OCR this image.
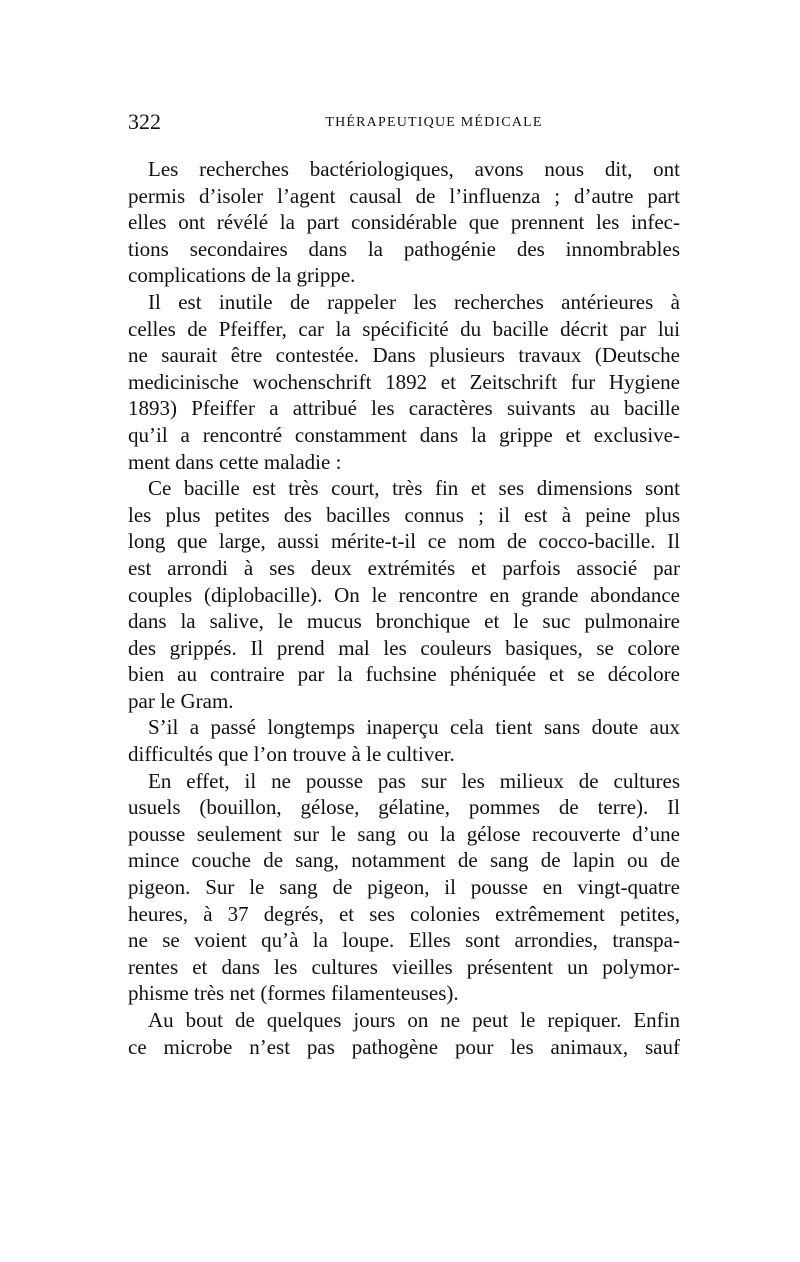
322	THÉRAPEUTIQUE MÉDICALE
Les recherches bactériologiques, avons nous dit, ont
permis d’isoler l’agent causal de l’influenza ; d’autre part
elles ont révélé la part considérable que prennent les infec-
tions secondaires dans la pathogénie des innombrables
complications de la grippe.
Il est inutile de rappeler les recherches antérieures à
celles de Pfeiffer, car la spécificité du bacille décrit par lui
ne saurait être contestée. Dans plusieurs travaux (Deutsche
medicinische wochenschrift 1892 et Zeitschrift fur Hygiene
1893) Pfeiffer a attribué les caractères suivants au bacille
qu’il a rencontré constamment dans la grippe et exclusive-
ment dans cette maladie :
Ce bacille est très court, très fin et ses dimensions sont
les plus petites des bacilles connus ; il est à peine plus
long que large, aussi mérite-t-il ce nom de cocco-bacille. Il
est arrondi à ses deux extrémités et parfois associé par
couples (diplobacille). On le rencontre en grande abondance
dans la salive, le mucus bronchique et le suc pulmonaire
des grippés. Il prend mal les couleurs basiques, se colore
bien au contraire par la fuchsine phéniquée et se décolore
par le Gram.
S’il a passé longtemps inaperçu cela tient sans doute aux
difficultés que l’on trouve à le cultiver.
En effet, il ne pousse pas sur les milieux de cultures
usuels (bouillon, gélose, gélatine, pommes de terre). Il
pousse seulement sur le sang ou la gélose recouverte d’une
mince couche de sang, notamment de sang de lapin ou de
pigeon. Sur le sang de pigeon, il pousse en vingt-quatre
heures, à 37 degrés, et ses colonies extrêmement petites,
ne se voient qu’à la loupe. Elles sont arrondies, transpa-
rentes et dans les cultures vieilles présentent un polymor-
phisme très net (formes filamenteuses).
Au bout de quelques jours on ne peut le repiquer. Enfin
ce microbe n’est pas pathogène pour les animaux, sauf
